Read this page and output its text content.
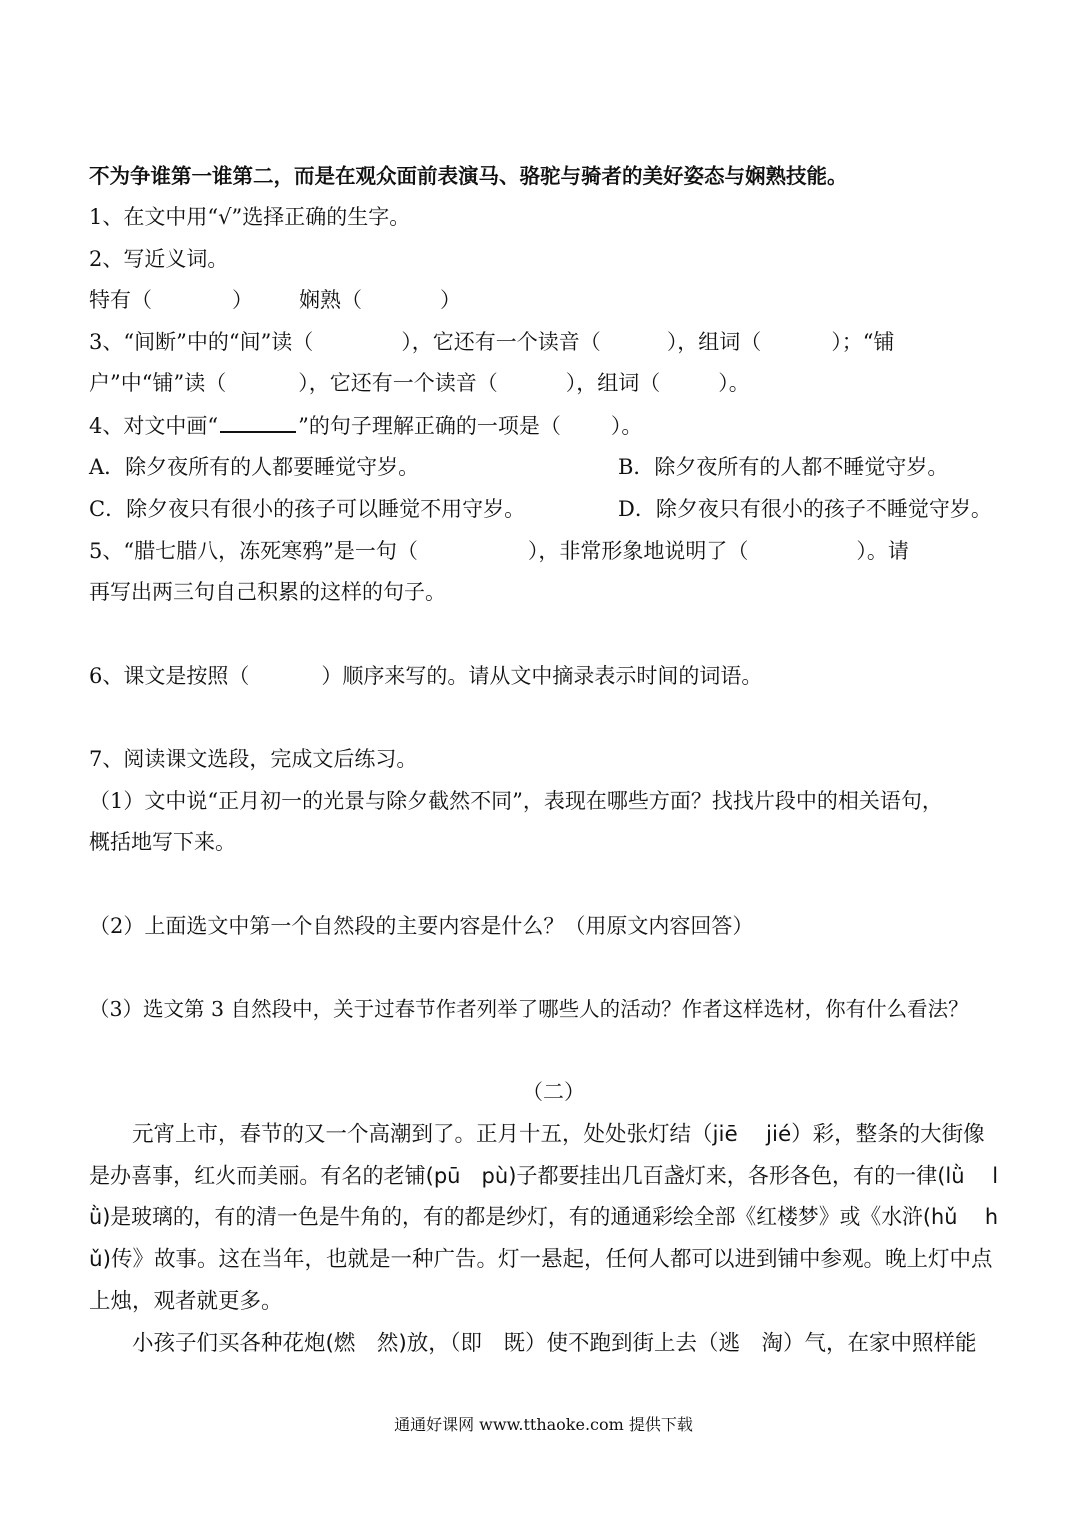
不为争谁第一谁第二，而是在观众面前表演马、骆驼与骑者的美好姿态与娴熟技能。
1、在文中用“√”选择正确的生字。
2、写近义词。
特有（	） 娴熟（	）
3、“间断”中的“间”读（	），它还有一个读音（	），组词（	）；“铺
户”中“铺”读（	），它还有一个读音（	），组词（	）。
4、对文中画“	”的句子理解正确的一项是（ ）。
A．除夕夜所有的人都要睡觉守岁。	B．除夕夜所有的人都不睡觉守岁。
C．除夕夜只有很小的孩子可以睡觉不用守岁。	D．除夕夜只有很小的孩子不睡觉守岁。
5、“腊七腊八，冻死寒鸦”是一句（	），非常形象地说明了（	）。请
再写出两三句自己积累的这样的句子。
6、课文是按照（	）顺序来写的。请从文中摘录表示时间的词语。
7、阅读课文选段，完成文后练习。
（1）文中说“正月初一的光景与除夕截然不同”，表现在哪些方面？找找片段中的相关语句，
概括地写下来。
（2）上面选文中第一个自然段的主要内容是什么？（用原文内容回答）
（3）选文第 3 自然段中，关于过春节作者列举了哪些人的活动？作者这样选材，你有什么看法？
（二）
元宵上市，春节的又一个高潮到了。正月十五，处处张灯结（jiē　 jié）彩，整条的大街像
是办喜事，红火而美丽。有名的老铺(pū　pù)子都要挂出几百盏灯来，各形各色，有的一律(lǜ　 l
ǜ)是玻璃的，有的清一色是牛角的，有的都是纱灯，有的通通彩绘全部《红楼梦》或《水浒(hǔ　 h
ǔ)传》故事。这在当年，也就是一种广告。灯一悬起，任何人都可以进到铺中参观。晚上灯中点
上烛，观者就更多。
小孩子们买各种花炮(燃　然)放，（即　既）使不跑到街上去（逃　淘）气，在家中照样能
通通好课网 www.tthaoke.com 提供下载
